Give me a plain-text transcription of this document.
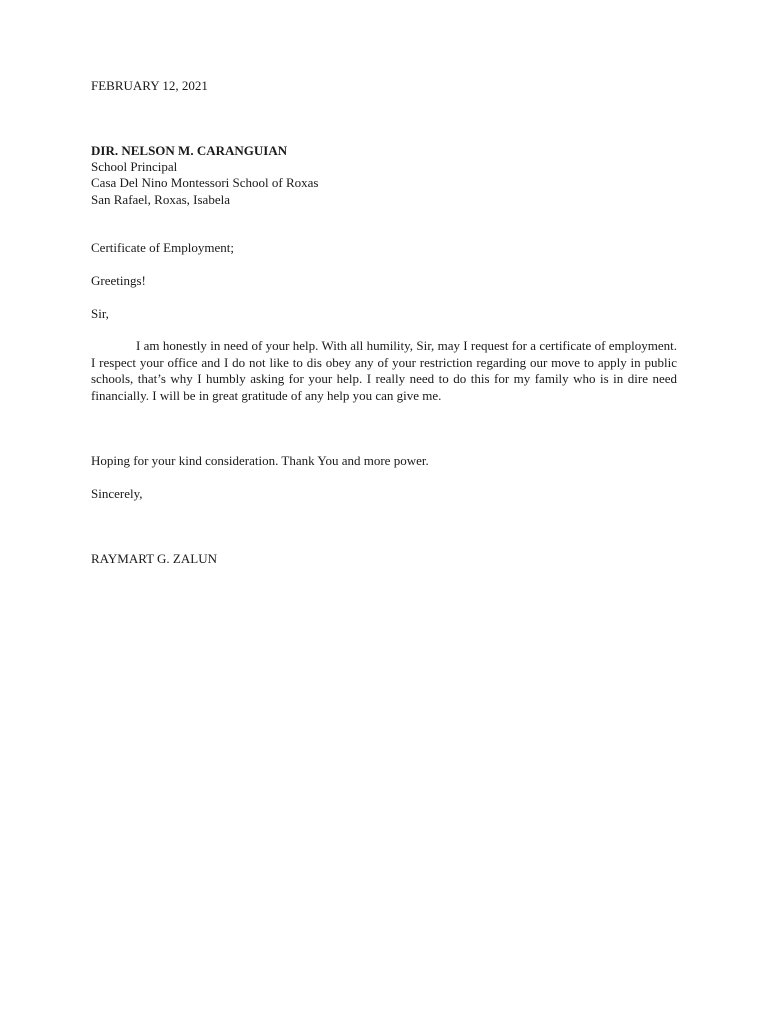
FEBRUARY 12, 2021
DIR. NELSON M. CARANGUIAN
School Principal
Casa Del Nino Montessori School of Roxas
San Rafael, Roxas, Isabela
Certificate of Employment;
Greetings!
Sir,
I am honestly in need of your help. With all humility, Sir, may I request for a certificate of employment. I respect your office and I do not like to dis obey any of your restriction regarding our move to apply in public schools, that’s why I humbly asking for your help. I really need to do this for my family who is in dire need financially. I will be in great gratitude of any help you can give me.
Hoping for your kind consideration. Thank You and more power.
Sincerely,
RAYMART G. ZALUN
